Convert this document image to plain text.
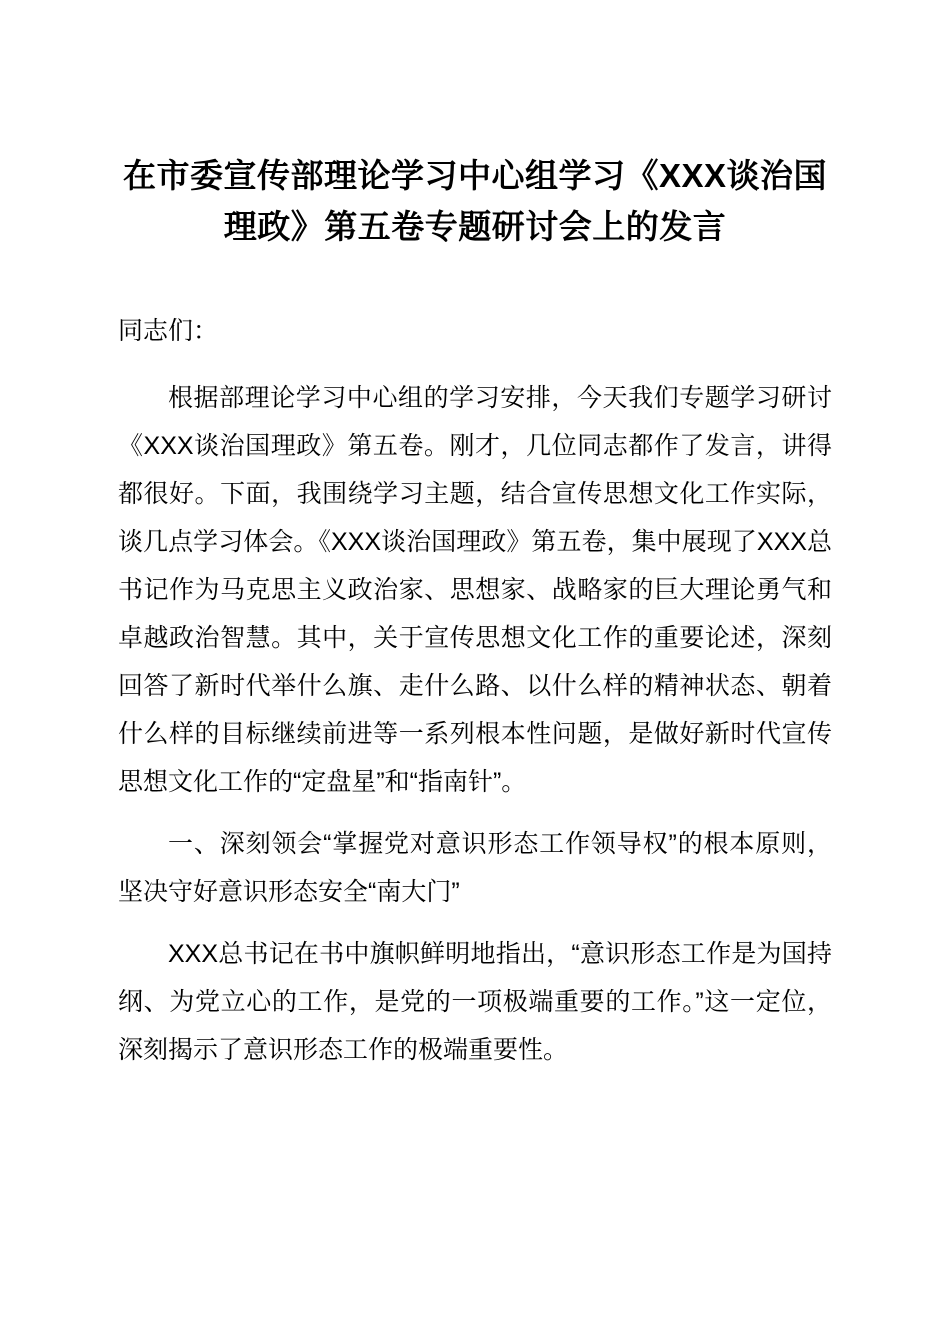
在市委宣传部理论学习中心组学习《XXX谈治国理政》第五卷专题研讨会上的发言

同志们：

根据部理论学习中心组的学习安排，今天我们专题学习研讨《XXX谈治国理政》第五卷。刚才，几位同志都作了发言，讲得都很好。下面，我围绕学习主题，结合宣传思想文化工作实际，谈几点学习体会。《XXX谈治国理政》第五卷，集中展现了XXX总书记作为马克思主义政治家、思想家、战略家的巨大理论勇气和卓越政治智慧。其中，关于宣传思想文化工作的重要论述，深刻回答了新时代举什么旗、走什么路、以什么样的精神状态、朝着什么样的目标继续前进等一系列根本性问题，是做好新时代宣传思想文化工作的“定盘星”和“指南针”。

一、深刻领会“掌握党对意识形态工作领导权”的根本原则，坚决守好意识形态安全“南大门”

XXX总书记在书中旗帜鲜明地指出，“意识形态工作是为国持纲、为党立心的工作，是党的一项极端重要的工作。”这一定位，深刻揭示了意识形态工作的极端重要性。
